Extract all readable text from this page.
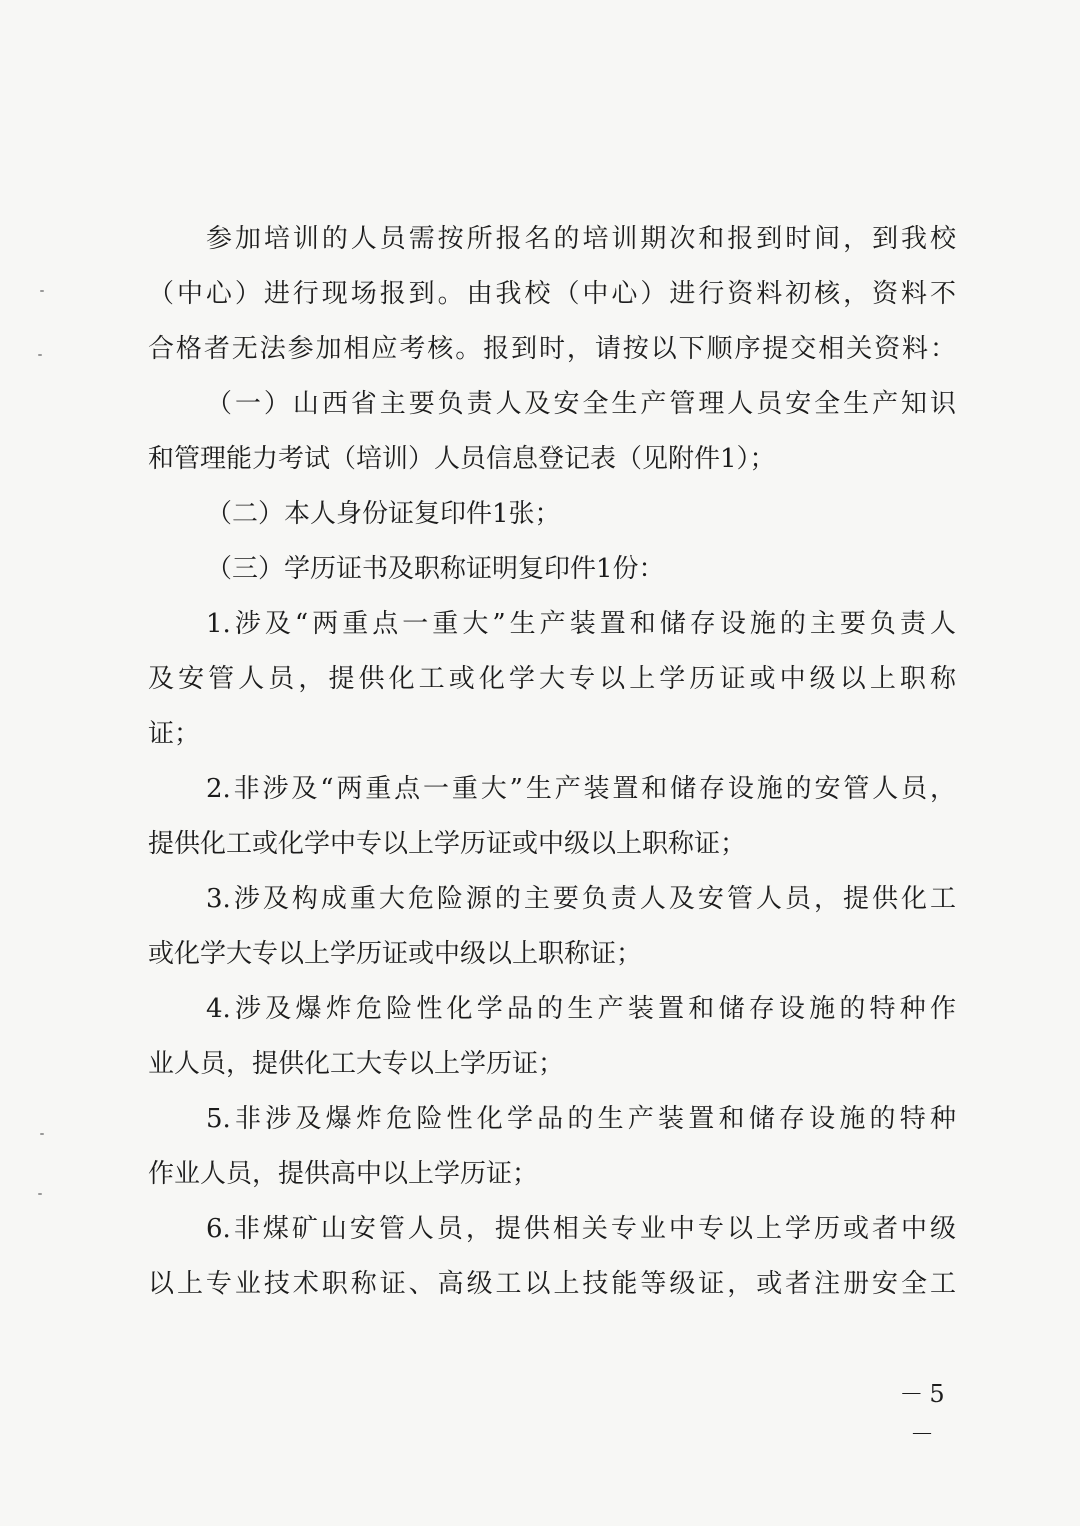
参加培训的人员需按所报名的培训期次和报到时间，到我校
（中心）进行现场报到。由我校（中心）进行资料初核，资料不
合格者无法参加相应考核。报到时，请按以下顺序提交相关资料：
（一）山西省主要负责人及安全生产管理人员安全生产知识
和管理能力考试（培训）人员信息登记表（见附件1）；
（二）本人身份证复印件1张；
（三）学历证书及职称证明复印件1份：
1.涉及“两重点一重大”生产装置和储存设施的主要负责人
及安管人员，提供化工或化学大专以上学历证或中级以上职称
证；
2.非涉及“两重点一重大”生产装置和储存设施的安管人员，
提供化工或化学中专以上学历证或中级以上职称证；
3.涉及构成重大危险源的主要负责人及安管人员，提供化工
或化学大专以上学历证或中级以上职称证；
4.涉及爆炸危险性化学品的生产装置和储存设施的特种作
业人员，提供化工大专以上学历证；
5.非涉及爆炸危险性化学品的生产装置和储存设施的特种
作业人员，提供高中以上学历证；
6.非煤矿山安管人员，提供相关专业中专以上学历或者中级
以上专业技术职称证、高级工以上技能等级证，或者注册安全工
－5－
